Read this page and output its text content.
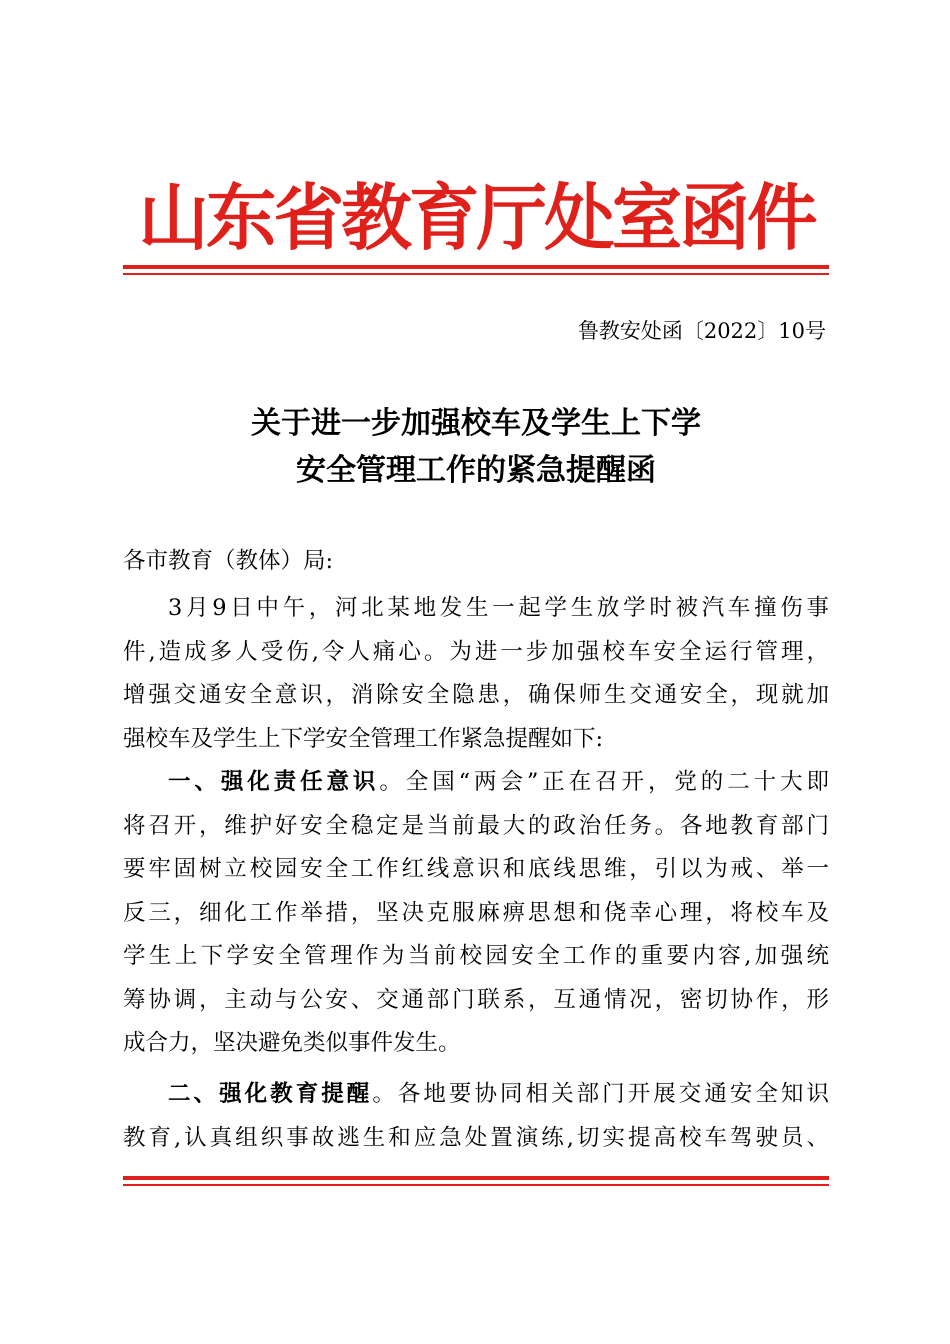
山东省教育厅处室函件
鲁教安处函〔2022〕10号
关于进一步加强校车及学生上下学
安全管理工作的紧急提醒函
各市教育（教体）局:
3月9日中午，河北某地发生一起学生放学时被汽车撞伤事
件,造成多人受伤,令人痛心。为进一步加强校车安全运行管理，
增强交通安全意识，消除安全隐患，确保师生交通安全，现就加
强校车及学生上下学安全管理工作紧急提醒如下:
一、强化责任意识。全国“两会”正在召开，党的二十大即
将召开，维护好安全稳定是当前最大的政治任务。各地教育部门
要牢固树立校园安全工作红线意识和底线思维，引以为戒、举一
反三，细化工作举措，坚决克服麻痹思想和侥幸心理，将校车及
学生上下学安全管理作为当前校园安全工作的重要内容,加强统
筹协调，主动与公安、交通部门联系，互通情况，密切协作，形
成合力，坚决避免类似事件发生。
二、强化教育提醒。各地要协同相关部门开展交通安全知识
教育,认真组织事故逃生和应急处置演练,切实提高校车驾驶员、
